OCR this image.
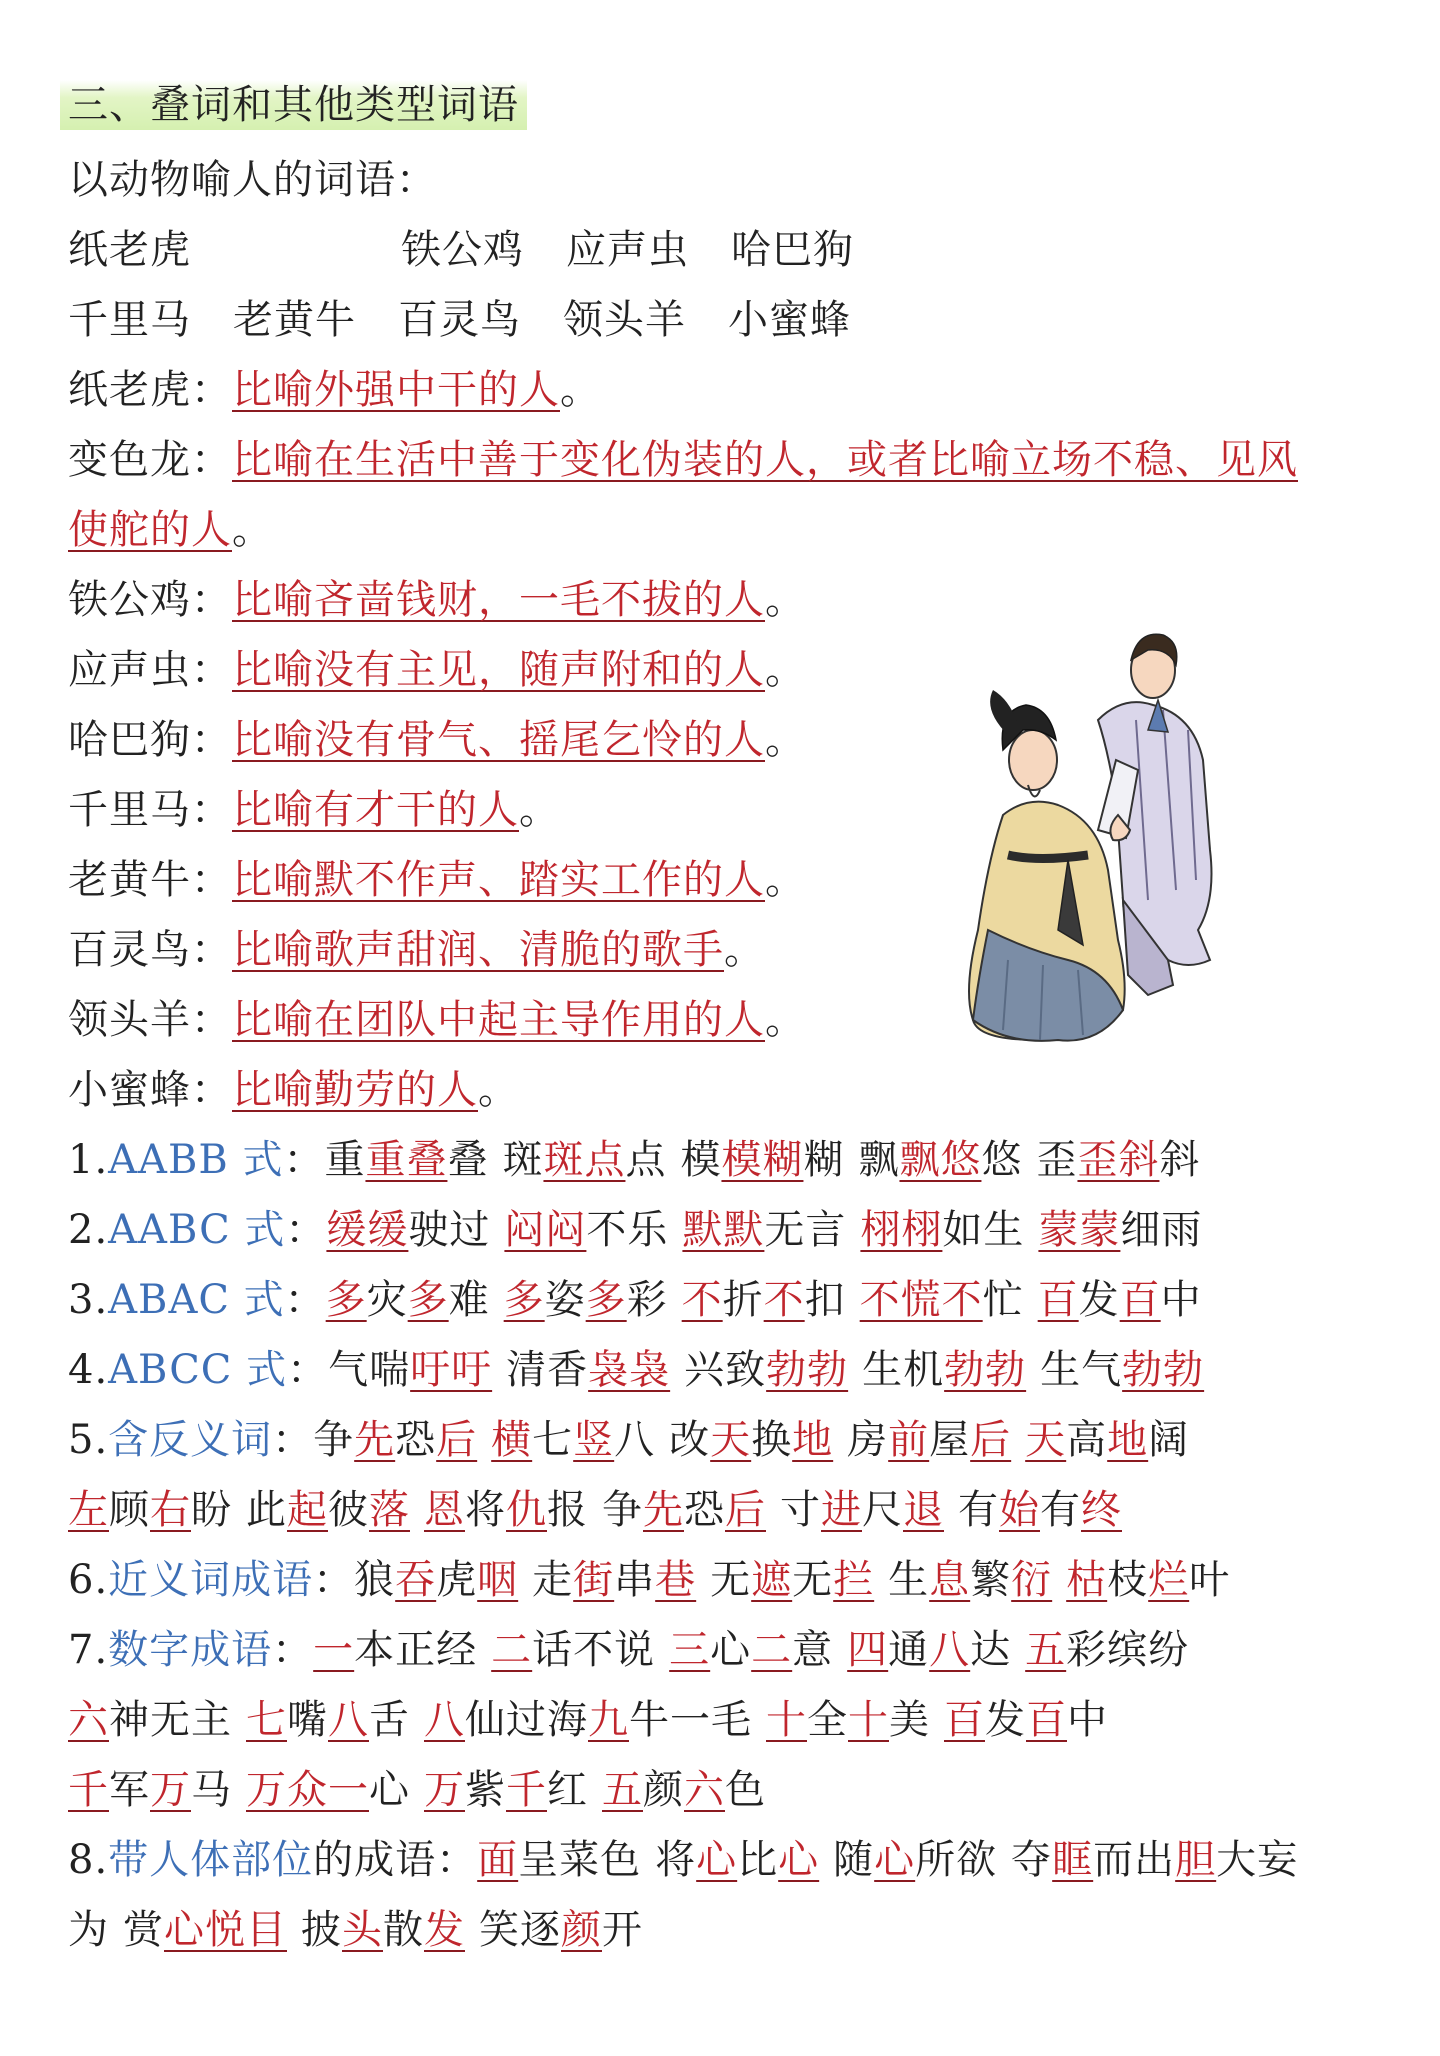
三、叠词和其他类型词语
以动物喻人的词语：
纸老虎	铁公鸡 应声虫 哈巴狗
千里马 老黄牛 百灵鸟 领头羊 小蜜蜂
纸老虎：比喻外强中干的人。
变色龙：比喻在生活中善于变化伪装的人，或者比喻立场不稳、见风
使舵的人。
铁公鸡：比喻吝啬钱财，一毛不拔的人。
应声虫：比喻没有主见，随声附和的人。
哈巴狗：比喻没有骨气、摇尾乞怜的人。
千里马：比喻有才干的人。
老黄牛：比喻默不作声、踏实工作的人。
百灵鸟：比喻歌声甜润、清脆的歌手。
领头羊：比喻在团队中起主导作用的人。
小蜜蜂：比喻勤劳的人。
1.AABB 式：重重叠叠 斑斑点点 模模糊糊 飘飘悠悠 歪歪斜斜
2.AABC 式：缓缓驶过 闷闷不乐 默默无言 栩栩如生 蒙蒙细雨
3.ABAC 式：多灾多难 多姿多彩 不折不扣 不慌不忙 百发百中
4.ABCC 式：气喘吁吁 清香袅袅 兴致勃勃 生机勃勃 生气勃勃
5.含反义词：争先恐后 横七竖八 改天换地 房前屋后 天高地阔
左顾右盼 此起彼落 恩将仇报 争先恐后 寸进尺退 有始有终
6.近义词成语：狼吞虎咽 走街串巷 无遮无拦 生息繁衍 枯枝烂叶
7.数字成语：一本正经 二话不说 三心二意 四通八达 五彩缤纷
六神无主 七嘴八舌 八仙过海九牛一毛 十全十美 百发百中
千军万马 万众一心 万紫千红 五颜六色
8.带人体部位的成语：面呈菜色 将心比心 随心所欲 夺眶而出胆大妄
为 赏心悦目 披头散发 笑逐颜开
